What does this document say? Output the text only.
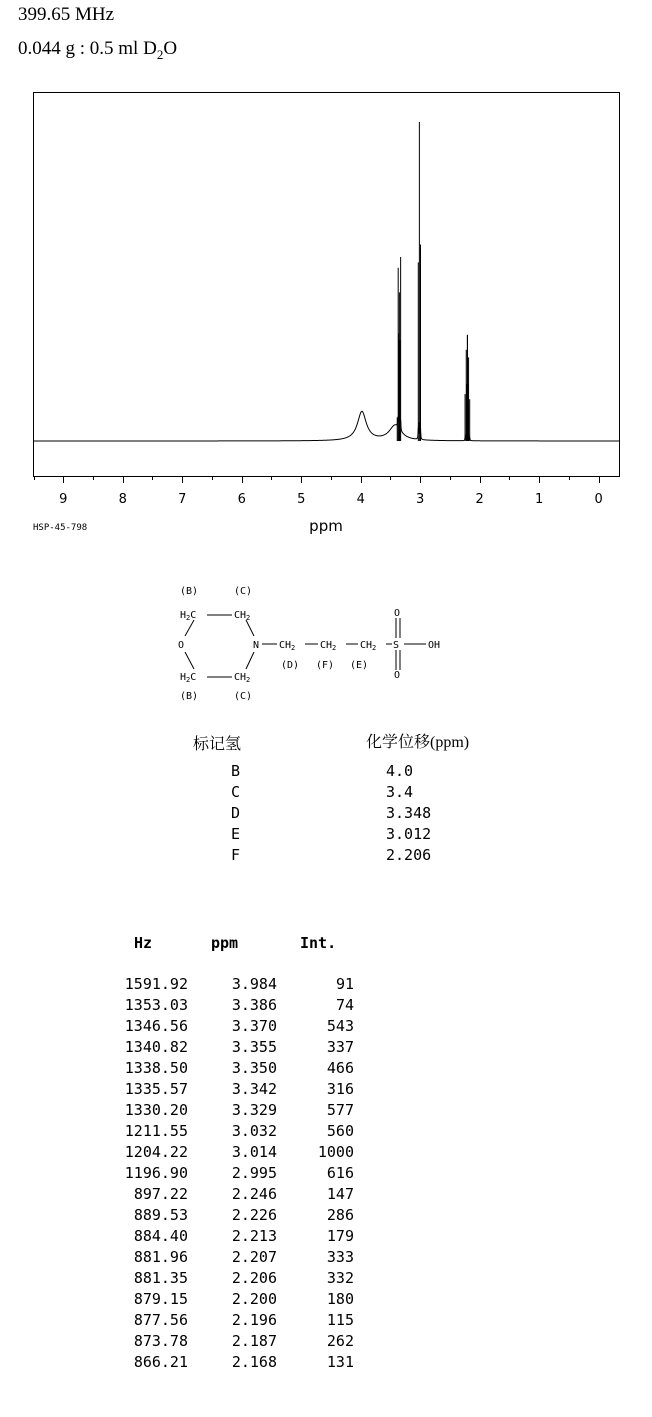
399.65 MHz
0.044 g : 0.5 ml $D_2O$
9	8	7	6	5	4	3	2	1	0
ppm
HSP-45-798
(B)	(C)
(B)	(C)
(D) (F) (E)
$H_2C$
$H_2C$
$CH_2$
$CH_2$
O	N $CH_2$ $CH_2$ $CH_2$ S
O
O
OH
标记氢	化学位移(ppm)
B	4.0
C	3.4
D	3.348
E	3.012
F	2.206
Hz	ppm	Int.
1591.92	3.984	91
1353.03	3.386	74
1346.56	3.370	543
1340.82	3.355	337
1338.50	3.350	466
1335.57	3.342	316
1330.20	3.329	577
1211.55	3.032	560
1204.22	3.014	1000
1196.90	2.995	616
897.22	2.246	147
889.53	2.226	286
884.40	2.213	179
881.96	2.207	333
881.35	2.206	332
879.15	2.200	180
877.56	2.196	115
873.78	2.187	262
866.21	2.168	131
